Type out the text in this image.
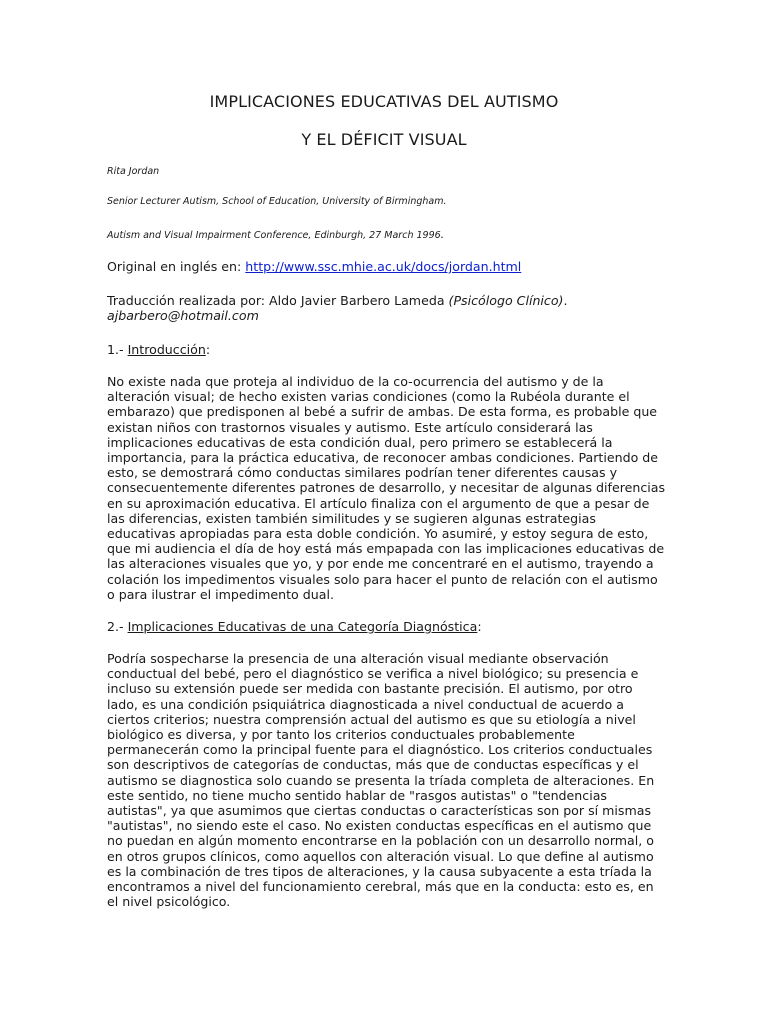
IMPLICACIONES EDUCATIVAS DEL AUTISMO
Y EL DÉFICIT VISUAL

Rita Jordan

Senior Lecturer Autism, School of Education, University of Birmingham.

Autism and Visual Impairment Conference, Edinburgh, 27 March 1996.

Original en inglés en: http://www.ssc.mhie.ac.uk/docs/jordan.html

Traducción realizada por: Aldo Javier Barbero Lameda (Psicólogo Clínico).
ajbarbero@hotmail.com

1.- Introducción:

No existe nada que proteja al individuo de la co-ocurrencia del autismo y de la alteración visual; de hecho existen varias condiciones (como la Rubéola durante el embarazo) que predisponen al bebé a sufrir de ambas. De esta forma, es probable que existan niños con trastornos visuales y autismo. Este artículo considerará las implicaciones educativas de esta condición dual, pero primero se establecerá la importancia, para la práctica educativa, de reconocer ambas condiciones. Partiendo de esto, se demostrará cómo conductas similares podrían tener diferentes causas y consecuentemente diferentes patrones de desarrollo, y necesitar de algunas diferencias en su aproximación educativa. El artículo finaliza con el argumento de que a pesar de las diferencias, existen también similitudes y se sugieren algunas estrategias educativas apropiadas para esta doble condición. Yo asumiré, y estoy segura de esto, que mi audiencia el día de hoy está más empapada con las implicaciones educativas de las alteraciones visuales que yo, y por ende me concentraré en el autismo, trayendo a colación los impedimentos visuales solo para hacer el punto de relación con el autismo o para ilustrar el impedimento dual.

2.- Implicaciones Educativas de una Categoría Diagnóstica:

Podría sospecharse la presencia de una alteración visual mediante observación conductual del bebé, pero el diagnóstico se verifica a nivel biológico; su presencia e incluso su extensión puede ser medida con bastante precisión. El autismo, por otro lado, es una condición psiquiátrica diagnosticada a nivel conductual de acuerdo a ciertos criterios; nuestra comprensión actual del autismo es que su etiología a nivel biológico es diversa, y por tanto los criterios conductuales probablemente permanecerán como la principal fuente para el diagnóstico. Los criterios conductuales son descriptivos de categorías de conductas, más que de conductas específicas y el autismo se diagnostica solo cuando se presenta la tríada completa de alteraciones. En este sentido, no tiene mucho sentido hablar de "rasgos autistas" o "tendencias autistas", ya que asumimos que ciertas conductas o características son por sí mismas "autistas", no siendo este el caso. No existen conductas específicas en el autismo que no puedan en algún momento encontrarse en la población con un desarrollo normal, o en otros grupos clínicos, como aquellos con alteración visual. Lo que define al autismo es la combinación de tres tipos de alteraciones, y la causa subyacente a esta tríada la encontramos a nivel del funcionamiento cerebral, más que en la conducta: esto es, en el nivel psicológico.
